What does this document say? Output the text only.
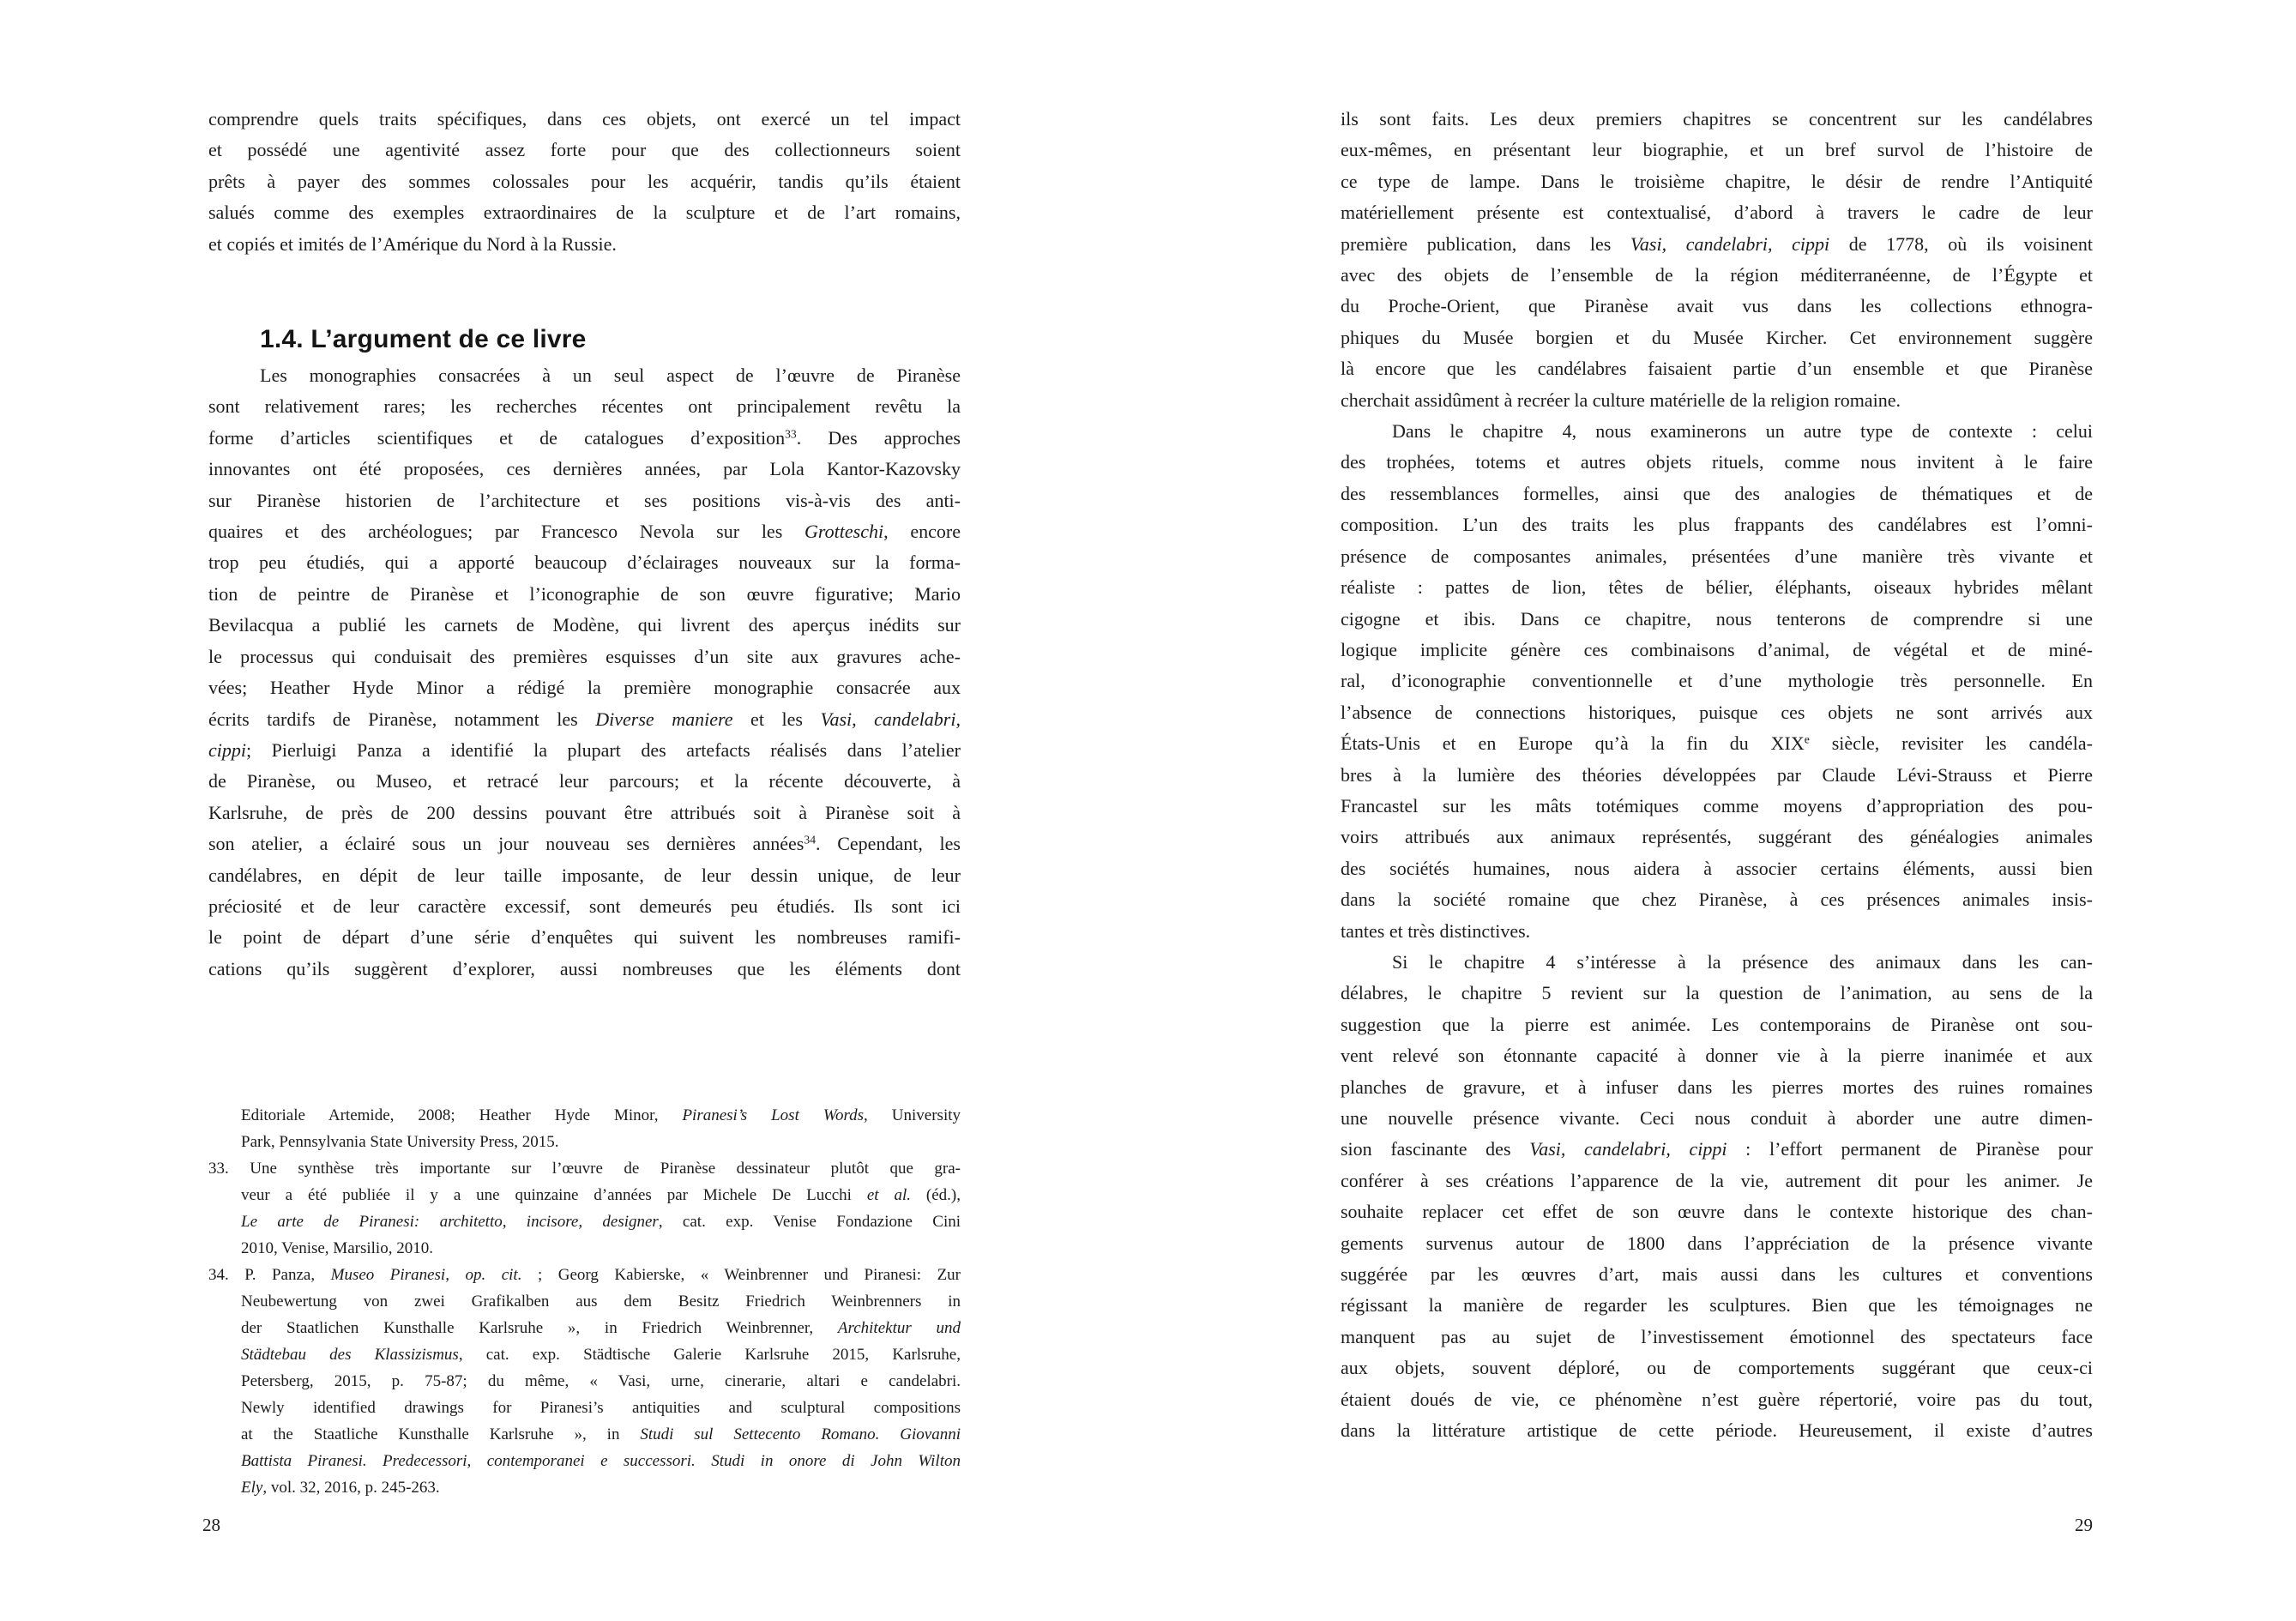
comprendre quels traits spécifiques, dans ces objets, ont exercé un tel impact
et possédé une agentivité assez forte pour que des collectionneurs soient
prêts à payer des sommes colossales pour les acquérir, tandis qu’ils étaient
salués comme des exemples extraordinaires de la sculpture et de l’art romains,
et copiés et imités de l’Amérique du Nord à la Russie.
1.4. L’argument de ce livre
Les monographies consacrées à un seul aspect de l’œuvre de Piranèse
sont relativement rares; les recherches récentes ont principalement revêtu la
forme d’articles scientifiques et de catalogues d’exposition$^{33}$. Des approches
innovantes ont été proposées, ces dernières années, par Lola Kantor-Kazovsky
sur Piranèse historien de l’architecture et ses positions vis-à-vis des anti-
quaires et des archéologues; par Francesco Nevola sur les Grotteschi, encore
trop peu étudiés, qui a apporté beaucoup d’éclairages nouveaux sur la forma-
tion de peintre de Piranèse et l’iconographie de son œuvre figurative; Mario
Bevilacqua a publié les carnets de Modène, qui livrent des aperçus inédits sur
le processus qui conduisait des premières esquisses d’un site aux gravures ache-
vées; Heather Hyde Minor a rédigé la première monographie consacrée aux
écrits tardifs de Piranèse, notamment les Diverse maniere et les Vasi, candelabri,
cippi; Pierluigi Panza a identifié la plupart des artefacts réalisés dans l’atelier
de Piranèse, ou Museo, et retracé leur parcours; et la récente découverte, à
Karlsruhe, de près de 200 dessins pouvant être attribués soit à Piranèse soit à
son atelier, a éclairé sous un jour nouveau ses dernières années$^{34}$. Cependant, les
candélabres, en dépit de leur taille imposante, de leur dessin unique, de leur
préciosité et de leur caractère excessif, sont demeurés peu étudiés. Ils sont ici
le point de départ d’une série d’enquêtes qui suivent les nombreuses ramifi-
cations qu’ils suggèrent d’explorer, aussi nombreuses que les éléments dont
Editoriale Artemide, 2008; Heather Hyde Minor, Piranesi’s Lost Words, University
Park, Pennsylvania State University Press, 2015.
33. Une synthèse très importante sur l’œuvre de Piranèse dessinateur plutôt que gra-
veur a été publiée il y a une quinzaine d’années par Michele De Lucchi et al. (éd.),
Le arte de Piranesi: architetto, incisore, designer, cat. exp. Venise Fondazione Cini
2010, Venise, Marsilio, 2010.
34. P. Panza, Museo Piranesi, op. cit. ; Georg Kabierske, « Weinbrenner und Piranesi: Zur
Neubewertung von zwei Grafikalben aus dem Besitz Friedrich Weinbrenners in
der Staatlichen Kunsthalle Karlsruhe », in Friedrich Weinbrenner, Architektur und
Städtebau des Klassizismus, cat. exp. Städtische Galerie Karlsruhe 2015, Karlsruhe,
Petersberg, 2015, p. 75-87; du même, « Vasi, urne, cinerarie, altari e candelabri.
Newly identified drawings for Piranesi’s antiquities and sculptural compositions
at the Staatliche Kunsthalle Karlsruhe », in Studi sul Settecento Romano. Giovanni
Battista Piranesi. Predecessori, contemporanei e successori. Studi in onore di John Wilton
Ely, vol. 32, 2016, p. 245-263.
28
ils sont faits. Les deux premiers chapitres se concentrent sur les candélabres
eux-mêmes, en présentant leur biographie, et un bref survol de l’histoire de
ce type de lampe. Dans le troisième chapitre, le désir de rendre l’Antiquité
matériellement présente est contextualisé, d’abord à travers le cadre de leur
première publication, dans les Vasi, candelabri, cippi de 1778, où ils voisinent
avec des objets de l’ensemble de la région méditerranéenne, de l’Égypte et
du Proche-Orient, que Piranèse avait vus dans les collections ethnogra-
phiques du Musée borgien et du Musée Kircher. Cet environnement suggère
là encore que les candélabres faisaient partie d’un ensemble et que Piranèse
cherchait assidûment à recréer la culture matérielle de la religion romaine.
Dans le chapitre 4, nous examinerons un autre type de contexte : celui
des trophées, totems et autres objets rituels, comme nous invitent à le faire
des ressemblances formelles, ainsi que des analogies de thématiques et de
composition. L’un des traits les plus frappants des candélabres est l’omni-
présence de composantes animales, présentées d’une manière très vivante et
réaliste : pattes de lion, têtes de bélier, éléphants, oiseaux hybrides mêlant
cigogne et ibis. Dans ce chapitre, nous tenterons de comprendre si une
logique implicite génère ces combinaisons d’animal, de végétal et de miné-
ral, d’iconographie conventionnelle et d’une mythologie très personnelle. En
l’absence de connections historiques, puisque ces objets ne sont arrivés aux
États-Unis et en Europe qu’à la fin du XIXe siècle, revisiter les candéla-
bres à la lumière des théories développées par Claude Lévi-Strauss et Pierre
Francastel sur les mâts totémiques comme moyens d’appropriation des pou-
voirs attribués aux animaux représentés, suggérant des généalogies animales
des sociétés humaines, nous aidera à associer certains éléments, aussi bien
dans la société romaine que chez Piranèse, à ces présences animales insis-
tantes et très distinctives.
Si le chapitre 4 s’intéresse à la présence des animaux dans les can-
délabres, le chapitre 5 revient sur la question de l’animation, au sens de la
suggestion que la pierre est animée. Les contemporains de Piranèse ont sou-
vent relevé son étonnante capacité à donner vie à la pierre inanimée et aux
planches de gravure, et à infuser dans les pierres mortes des ruines romaines
une nouvelle présence vivante. Ceci nous conduit à aborder une autre dimen-
sion fascinante des Vasi, candelabri, cippi : l’effort permanent de Piranèse pour
conférer à ses créations l’apparence de la vie, autrement dit pour les animer. Je
souhaite replacer cet effet de son œuvre dans le contexte historique des chan-
gements survenus autour de 1800 dans l’appréciation de la présence vivante
suggérée par les œuvres d’art, mais aussi dans les cultures et conventions
régissant la manière de regarder les sculptures. Bien que les témoignages ne
manquent pas au sujet de l’investissement émotionnel des spectateurs face
aux objets, souvent déploré, ou de comportements suggérant que ceux-ci
étaient doués de vie, ce phénomène n’est guère répertorié, voire pas du tout,
dans la littérature artistique de cette période. Heureusement, il existe d’autres
29
